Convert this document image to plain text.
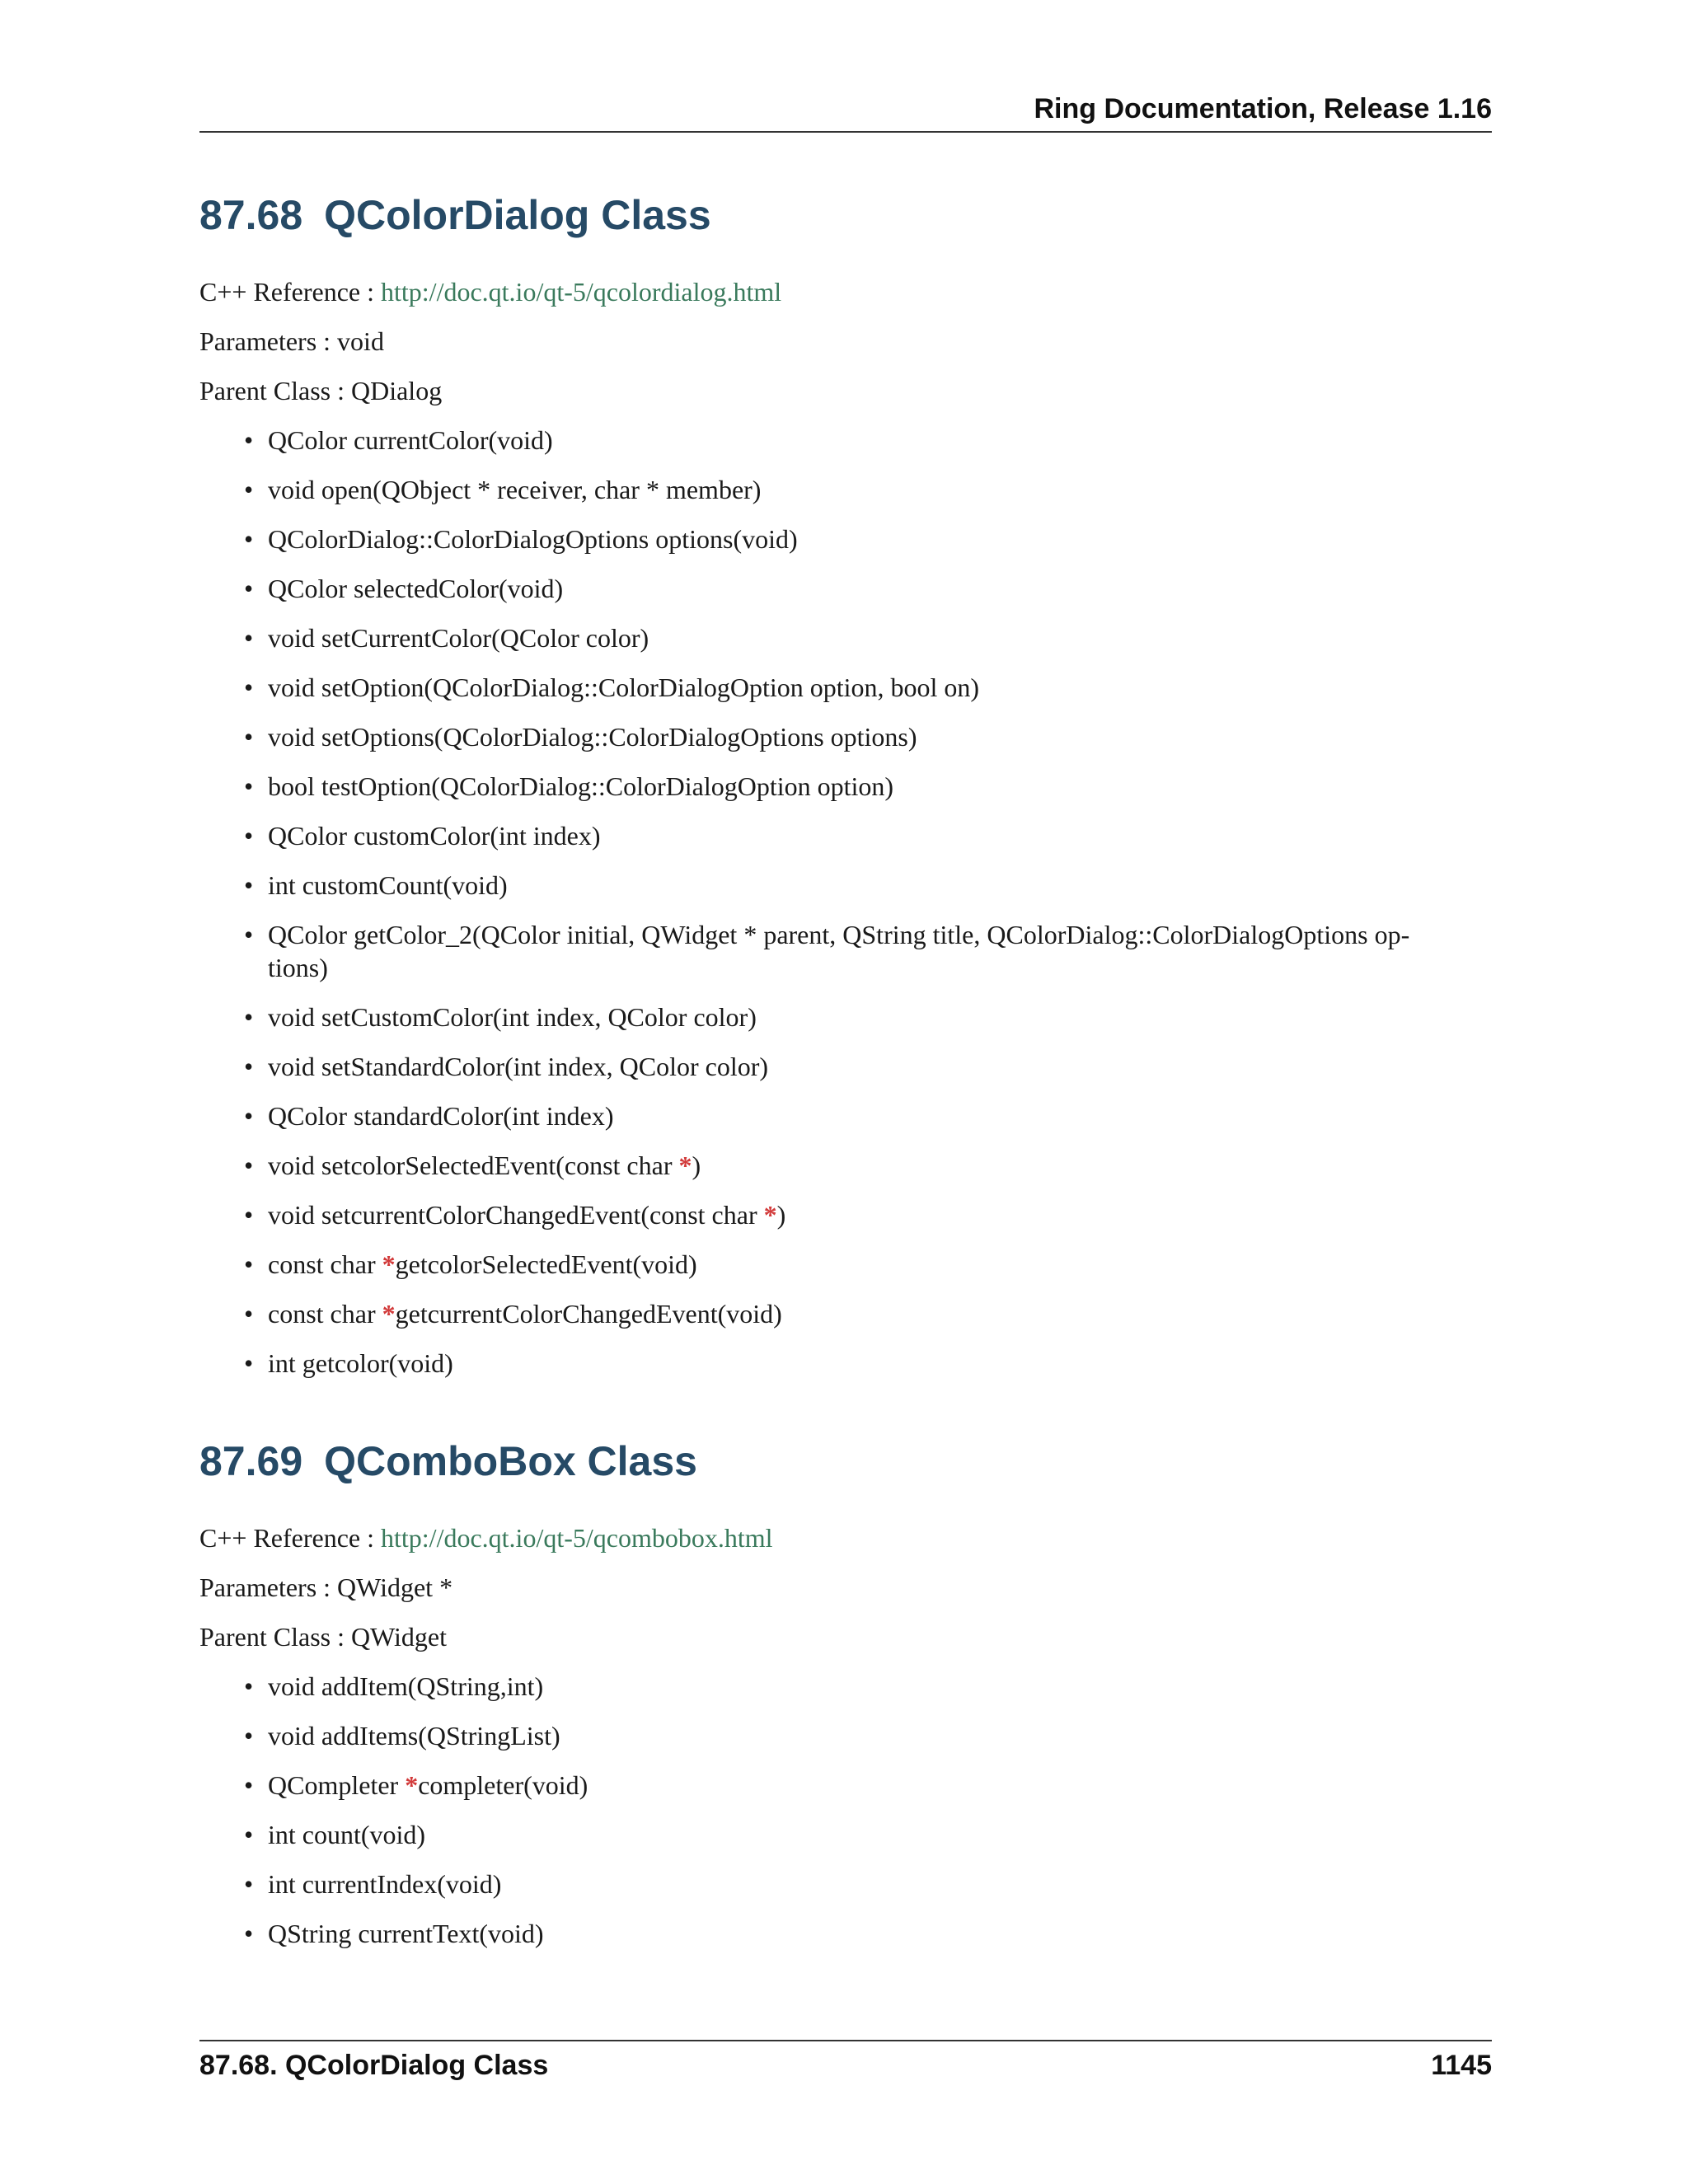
Ring Documentation, Release 1.16
87.68 QColorDialog Class

C++ Reference : http://doc.qt.io/qt-5/qcolordialog.html

Parameters : void

Parent Class : QDialog

• QColor currentColor(void)
• void open(QObject * receiver, char * member)
• QColorDialog::ColorDialogOptions options(void)
• QColor selectedColor(void)
• void setCurrentColor(QColor color)
• void setOption(QColorDialog::ColorDialogOption option, bool on)
• void setOptions(QColorDialog::ColorDialogOptions options)
• bool testOption(QColorDialog::ColorDialogOption option)
• QColor customColor(int index)
• int customCount(void)
• QColor getColor_2(QColor initial, QWidget * parent, QString title, QColorDialog::ColorDialogOptions op-
tions)
• void setCustomColor(int index, QColor color)
• void setStandardColor(int index, QColor color)
• QColor standardColor(int index)
• void setcolorSelectedEvent(const char *)
• void setcurrentColorChangedEvent(const char *)
• const char *getcolorSelectedEvent(void)
• const char *getcurrentColorChangedEvent(void)
• int getcolor(void)
87.69 QComboBox Class

C++ Reference : http://doc.qt.io/qt-5/qcombobox.html

Parameters : QWidget *

Parent Class : QWidget

• void addItem(QString,int)
• void addItems(QStringList)
• QCompleter *completer(void)
• int count(void)
• int currentIndex(void)
• QString currentText(void)
87.68. QColorDialog Class	1145
